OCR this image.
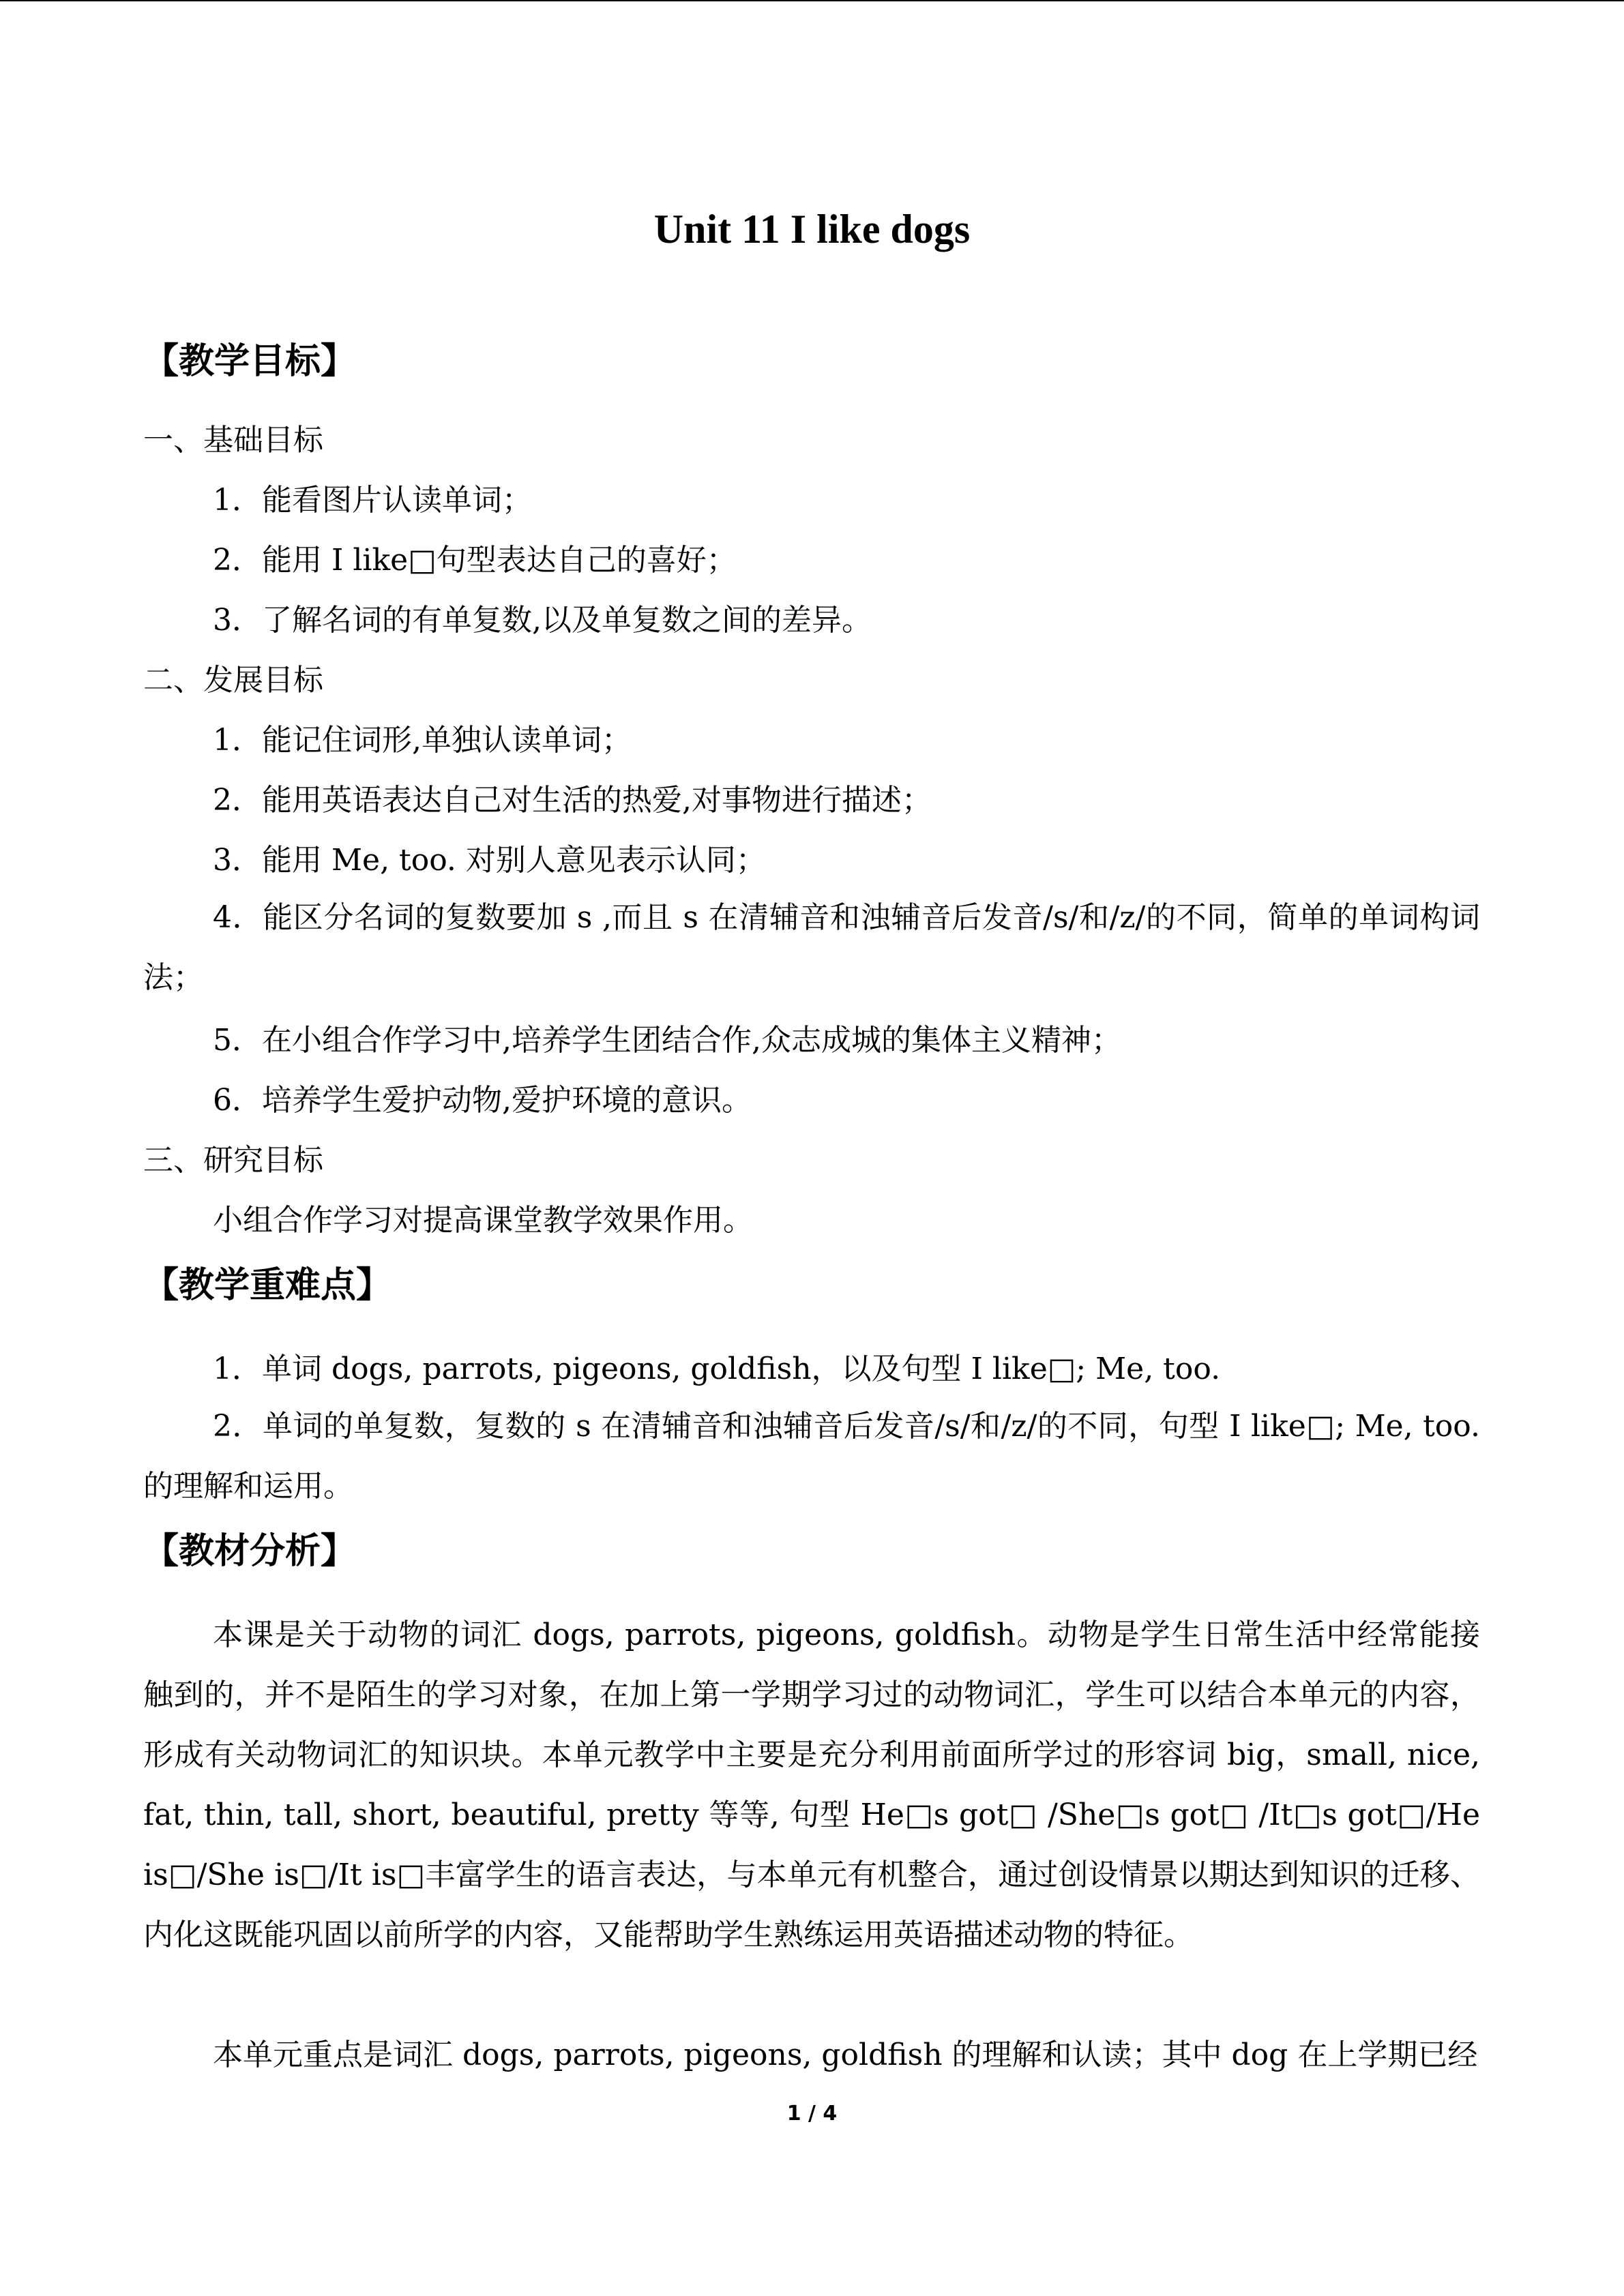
Unit 11 I like dogs
【教学目标】
一、基础目标
1．能看图片认读单词；
2．能用 I like□句型表达自己的喜好；
3．了解名词的有单复数,以及单复数之间的差异。
二、发展目标
1．能记住词形,单独认读单词；
2．能用英语表达自己对生活的热爱,对事物进行描述；
3．能用 Me, too. 对别人意见表示认同；
4．能区分名词的复数要加 s ,而且 s 在清辅音和浊辅音后发音/s/和/z/的不同，简单的单词构词法；
5．在小组合作学习中,培养学生团结合作,众志成城的集体主义精神；
6．培养学生爱护动物,爱护环境的意识。
三、研究目标
小组合作学习对提高课堂教学效果作用。
【教学重难点】
1．单词 dogs, parrots, pigeons, goldfish，以及句型 I like□; Me, too.
2．单词的单复数，复数的 s 在清辅音和浊辅音后发音/s/和/z/的不同，句型 I like□; Me, too.的理解和运用。
【教材分析】
本课是关于动物的词汇 dogs, parrots, pigeons, goldfish。动物是学生日常生活中经常能接触到的，并不是陌生的学习对象，在加上第一学期学习过的动物词汇，学生可以结合本单元的内容，形成有关动物词汇的知识块。本单元教学中主要是充分利用前面所学过的形容词 big，small, nice, fat, thin, tall, short, beautiful, pretty 等等, 句型 He□s got□ /She□s got□ /It□s got□/He is□/She is□/It is□丰富学生的语言表达，与本单元有机整合，通过创设情景以期达到知识的迁移、内化这既能巩固以前所学的内容，又能帮助学生熟练运用英语描述动物的特征。
本单元重点是词汇 dogs, parrots, pigeons, goldfish 的理解和认读；其中 dog 在上学期已经
1 / 4
